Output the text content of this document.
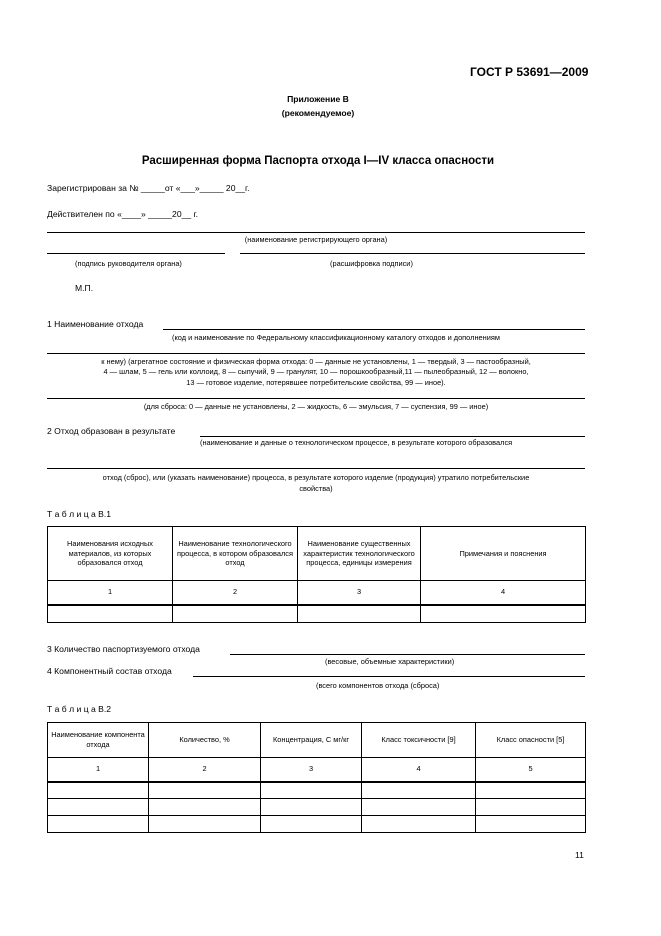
ГОСТ Р 53691—2009
Приложение В
(рекомендуемое)
Расширенная форма Паспорта отхода I—IV класса опасности
Зарегистрирован за № _____от «___»_____ 20__г.
Действителен по «____» _____20__ г.
(наименование регистрирующего органа)
(подпись руководителя органа)	(расшифровка подписи)
М.П.
1 Наименование отхода
(код и наименование по Федеральному классификационному каталогу отходов и дополнениям
к нему) (агрегатное состояние и физическая форма отхода: 0 — данные не установлены, 1 — твердый, 3 — пастообразный,
4 — шлам, 5 — гель или коллоид, 8 — сыпучий, 9 — гранулят, 10 — порошкообразный,11 — пылеобразный, 12 — волокно,
13 — готовое изделие, потерявшее потребительские свойства, 99 — иное).
(для сброса: 0 — данные не установлены, 2 — жидкость, 6 — эмульсия, 7 — суспензия, 99 — иное)
2 Отход образован в результате
(наименование и данные о технологическом процессе, в результате которого образовался
отход (сброс), или (указать наименование) процесса, в результате которого изделие (продукция) утратило потребительские
свойства)
Т а б л и ц а В.1
Наименования исходных материалов, из которых образовался отход	Наименование технологического процесса, в котором образовался отход	Наименование существенных характеристик технологического процесса, единицы измерения	Примечания и пояснения
1	2	3	4

3 Количество паспортизуемого отхода
(весовые, объемные характеристики)
4 Компонентный состав отхода
(всего компонентов отхода (сброса)
Т а б л и ц а В.2
Наименование компонента отхода	Количество, %	Концентрация, С мг/кг	Класс токсичности [9]	Класс опасности [5]
1	2	3	4	5

11
